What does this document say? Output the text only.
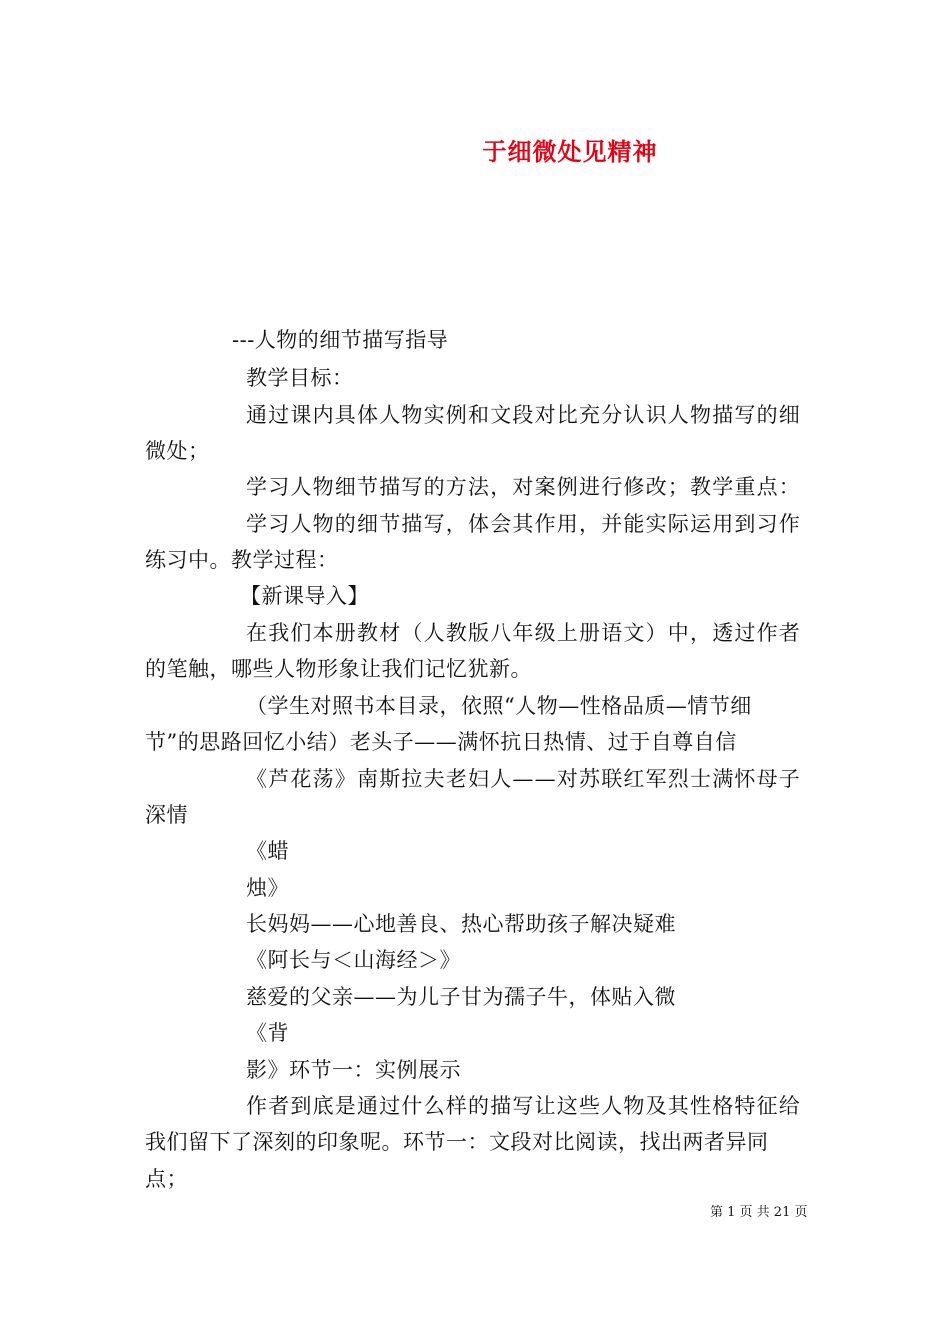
于细微处见精神
---人物的细节描写指导
教学目标：
通过课内具体人物实例和文段对比充分认识人物描写的细
微处；
学习人物细节描写的方法，对案例进行修改；教学重点：
学习人物的细节描写，体会其作用，并能实际运用到习作
练习中。教学过程：
【新课导入】
在我们本册教材（人教版八年级上册语文）中，透过作者
的笔触，哪些人物形象让我们记忆犹新。
（学生对照书本目录，依照“人物—性格品质—情节细
节”的思路回忆小结）老头子——满怀抗日热情、过于自尊自信
《芦花荡》南斯拉夫老妇人——对苏联红军烈士满怀母子
深情
《蜡
烛》
长妈妈——心地善良、热心帮助孩子解决疑难
《阿长与＜山海经＞》
慈爱的父亲——为儿子甘为孺子牛，体贴入微
《背
影》环节一：实例展示
作者到底是通过什么样的描写让这些人物及其性格特征给
我们留下了深刻的印象呢。环节一：文段对比阅读，找出两者异同
点；
第 1 页 共 21 页
